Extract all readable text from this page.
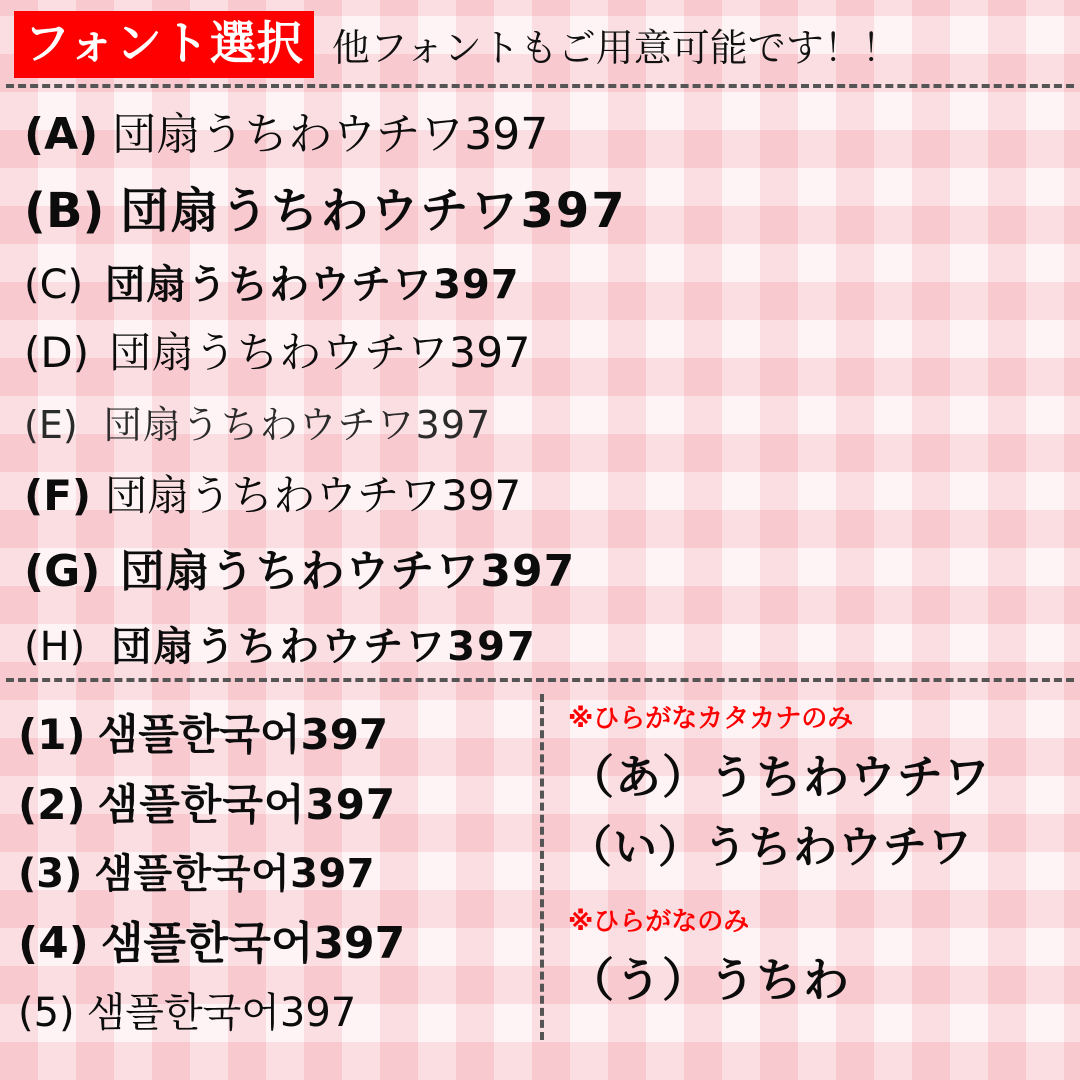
フォント選択 他フォントもご用意可能です！！
(A) 団扇うちわウチワ397
(B) 団扇うちわウチワ397
(C) 団扇うちわウチワ397
(D) 団扇うちわウチワ397
(E) 団扇うちわウチワ397
(F) 団扇うちわウチワ397
(G) 団扇うちわウチワ397
(H) 団扇うちわウチワ397
(1) 샘플한국어397
(2) 샘플한국어397
(3) 샘플한국어397
(4) 샘플한국어397
(5) 샘플한국어397
※ひらがなカタカナのみ
（あ）うちわウチワ
（い）うちわウチワ
※ひらがなのみ
（う）うちわ
